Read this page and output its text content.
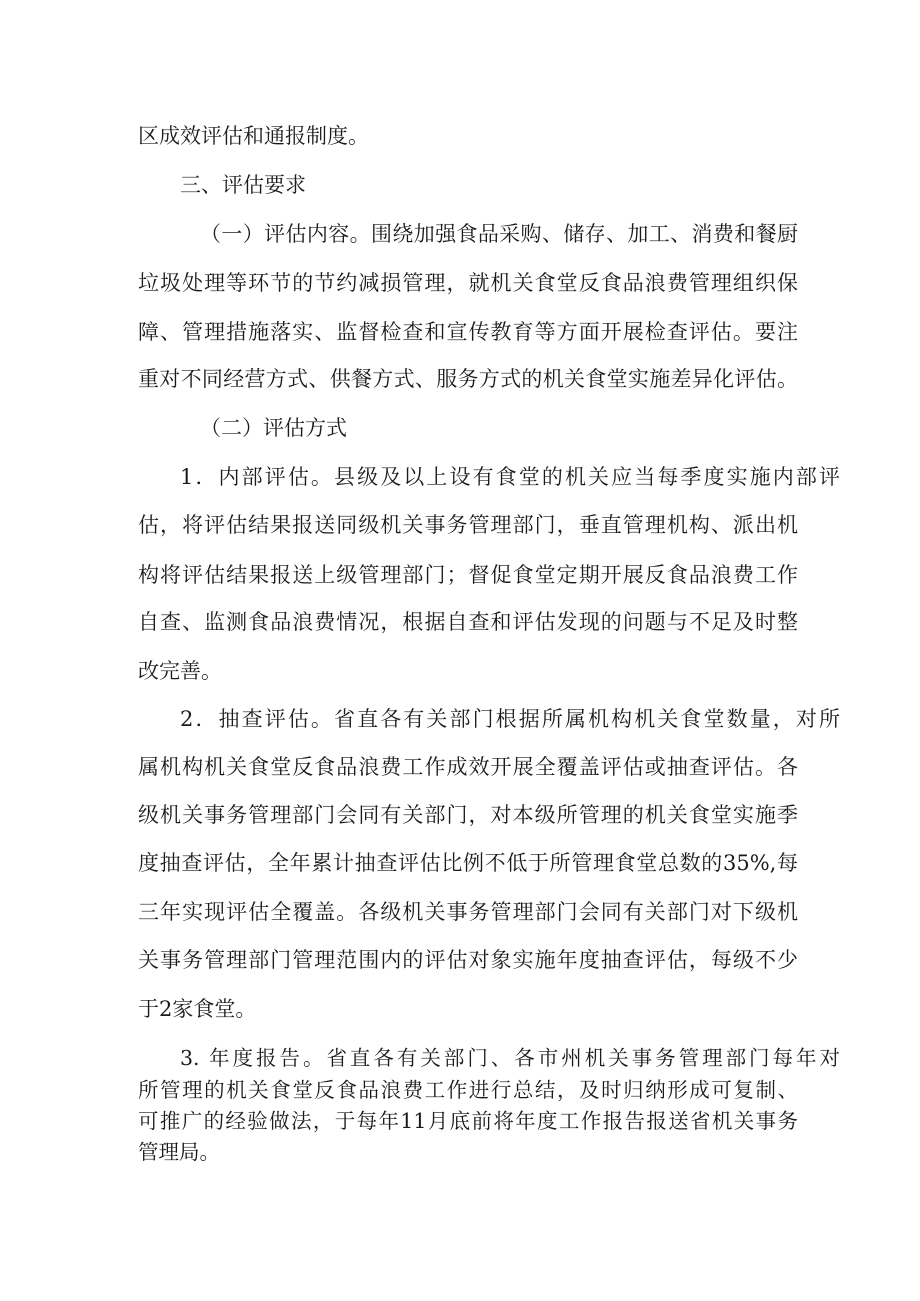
区成效评估和通报制度。
三、评估要求
（一）评估内容。围绕加强食品采购、储存、加工、消费和餐厨
垃圾处理等环节的节约减损管理，就机关食堂反食品浪费管理组织保
障、管理措施落实、监督检查和宣传教育等方面开展检查评估。要注
重对不同经营方式、供餐方式、服务方式的机关食堂实施差异化评估。
（二）评估方式
1．内部评估。县级及以上设有食堂的机关应当每季度实施内部评
估，将评估结果报送同级机关事务管理部门，垂直管理机构、派出机
构将评估结果报送上级管理部门；督促食堂定期开展反食品浪费工作
自查、监测食品浪费情况，根据自查和评估发现的问题与不足及时整
改完善。
2．抽查评估。省直各有关部门根据所属机构机关食堂数量，对所
属机构机关食堂反食品浪费工作成效开展全覆盖评估或抽查评估。各
级机关事务管理部门会同有关部门，对本级所管理的机关食堂实施季
度抽查评估，全年累计抽查评估比例不低于所管理食堂总数的35%,每
三年实现评估全覆盖。各级机关事务管理部门会同有关部门对下级机
关事务管理部门管理范围内的评估对象实施年度抽查评估，每级不少
于2家食堂。
3. 年度报告。省直各有关部门、各市州机关事务管理部门每年对
所管理的机关食堂反食品浪费工作进行总结，及时归纳形成可复制、
可推广的经验做法，于每年11月底前将年度工作报告报送省机关事务
管理局。
